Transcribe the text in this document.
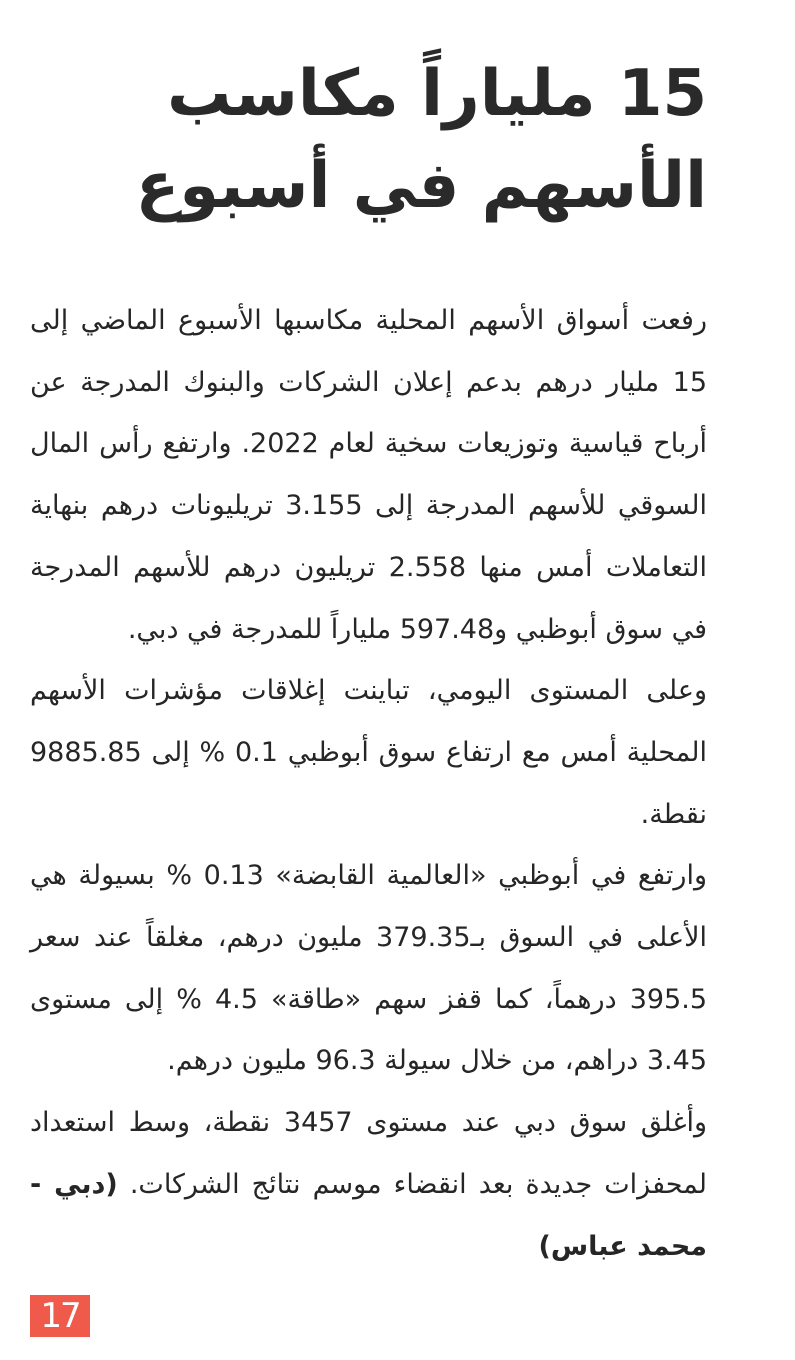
15 ملياراً مكاسب
الأسهم في أسبوع

رفعت أسواق الأسهم المحلية مكاسبها الأسبوع الماضي إلى 15 مليار درهم بدعم إعلان الشركات والبنوك المدرجة عن أرباح قياسية وتوزيعات سخية لعام 2022. وارتفع رأس المال السوقي للأسهم المدرجة إلى 3.155 تريليونات درهم بنهاية التعاملات أمس منها 2.558 تريليون درهم للأسهم المدرجة في سوق أبوظبي و597.48 ملياراً للمدرجة في دبي.

وعلى المستوى اليومي، تباينت إغلاقات مؤشرات الأسهم المحلية أمس مع ارتفاع سوق أبوظبي 0.1 % إلى 9885.85 نقطة.

وارتفع في أبوظبي «العالمية القابضة» 0.13 % بسيولة هي الأعلى في السوق بـ379.35 مليون درهم، مغلقاً عند سعر 395.5 درهماً، كما قفز سهم «طاقة» 4.5 % إلى مستوى 3.45 دراهم، من خلال سيولة 96.3 مليون درهم.

وأغلق سوق دبي عند مستوى 3457 نقطة، وسط استعداد لمحفزات جديدة بعد انقضاء موسم نتائج الشركات. (دبي - محمد عباس)

17
